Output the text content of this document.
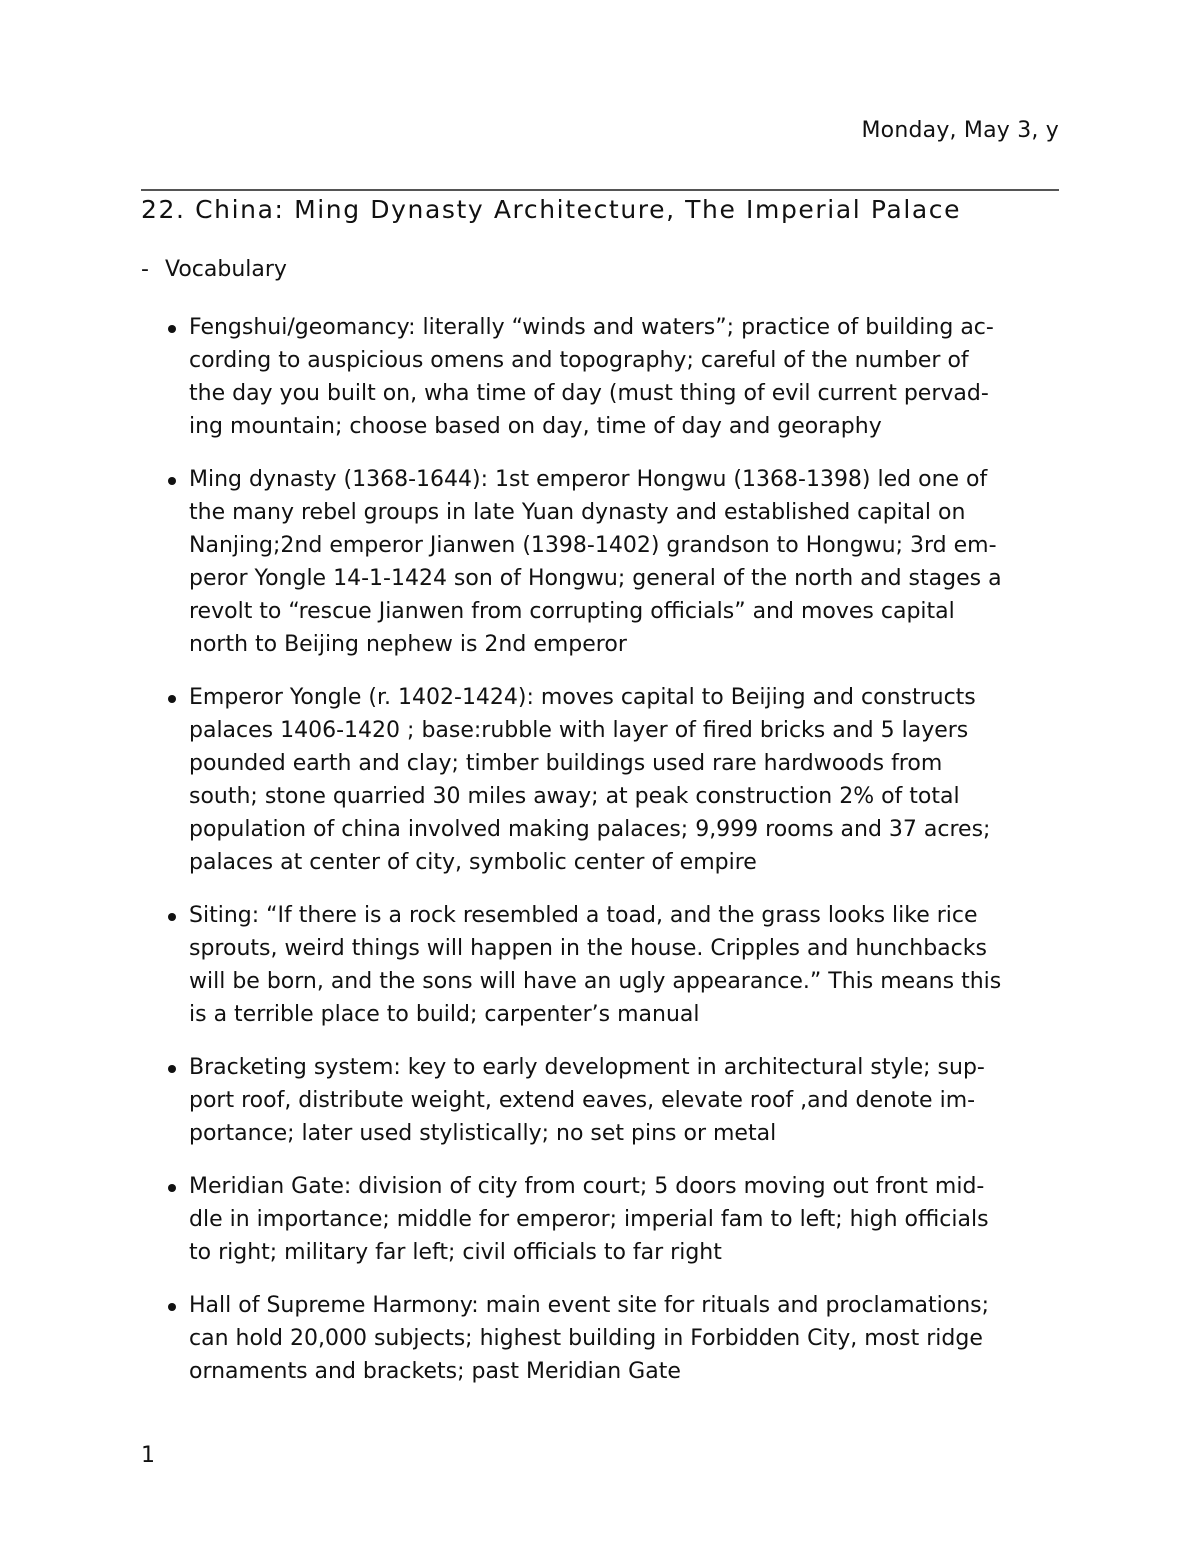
Monday, May 3, y
22. China: Ming Dynasty Architecture, The Imperial Palace
- Vocabulary
Fengshui/geomancy: literally “winds and waters”; practice of building ac-
cording to auspicious omens and topography; careful of the number of
the day you built on, wha time of day (must thing of evil current pervad-
ing mountain; choose based on day, time of day and georaphy
Ming dynasty (1368-1644): 1st emperor Hongwu (1368-1398) led one of
the many rebel groups in late Yuan dynasty and established capital on
Nanjing;2nd emperor Jianwen (1398-1402) grandson to Hongwu; 3rd em-
peror Yongle 14-1-1424 son of Hongwu; general of the north and stages a
revolt to “rescue Jianwen from corrupting officials” and moves capital
north to Beijing nephew is 2nd emperor
Emperor Yongle (r. 1402-1424): moves capital to Beijing and constructs
palaces 1406-1420 ; base:rubble with layer of fired bricks and 5 layers
pounded earth and clay; timber buildings used rare hardwoods from
south; stone quarried 30 miles away; at peak construction 2% of total
population of china involved making palaces; 9,999 rooms and 37 acres;
palaces at center of city, symbolic center of empire
Siting: “If there is a rock resembled a toad, and the grass looks like rice
sprouts, weird things will happen in the house. Cripples and hunchbacks
will be born, and the sons will have an ugly appearance.” This means this
is a terrible place to build; carpenter’s manual
Bracketing system: key to early development in architectural style; sup-
port roof, distribute weight, extend eaves, elevate roof ,and denote im-
portance; later used stylistically; no set pins or metal
Meridian Gate: division of city from court; 5 doors moving out front mid-
dle in importance; middle for emperor; imperial fam to left; high officials
to right; military far left; civil officials to far right
Hall of Supreme Harmony: main event site for rituals and proclamations;
can hold 20,000 subjects; highest building in Forbidden City, most ridge
ornaments and brackets; past Meridian Gate
1
